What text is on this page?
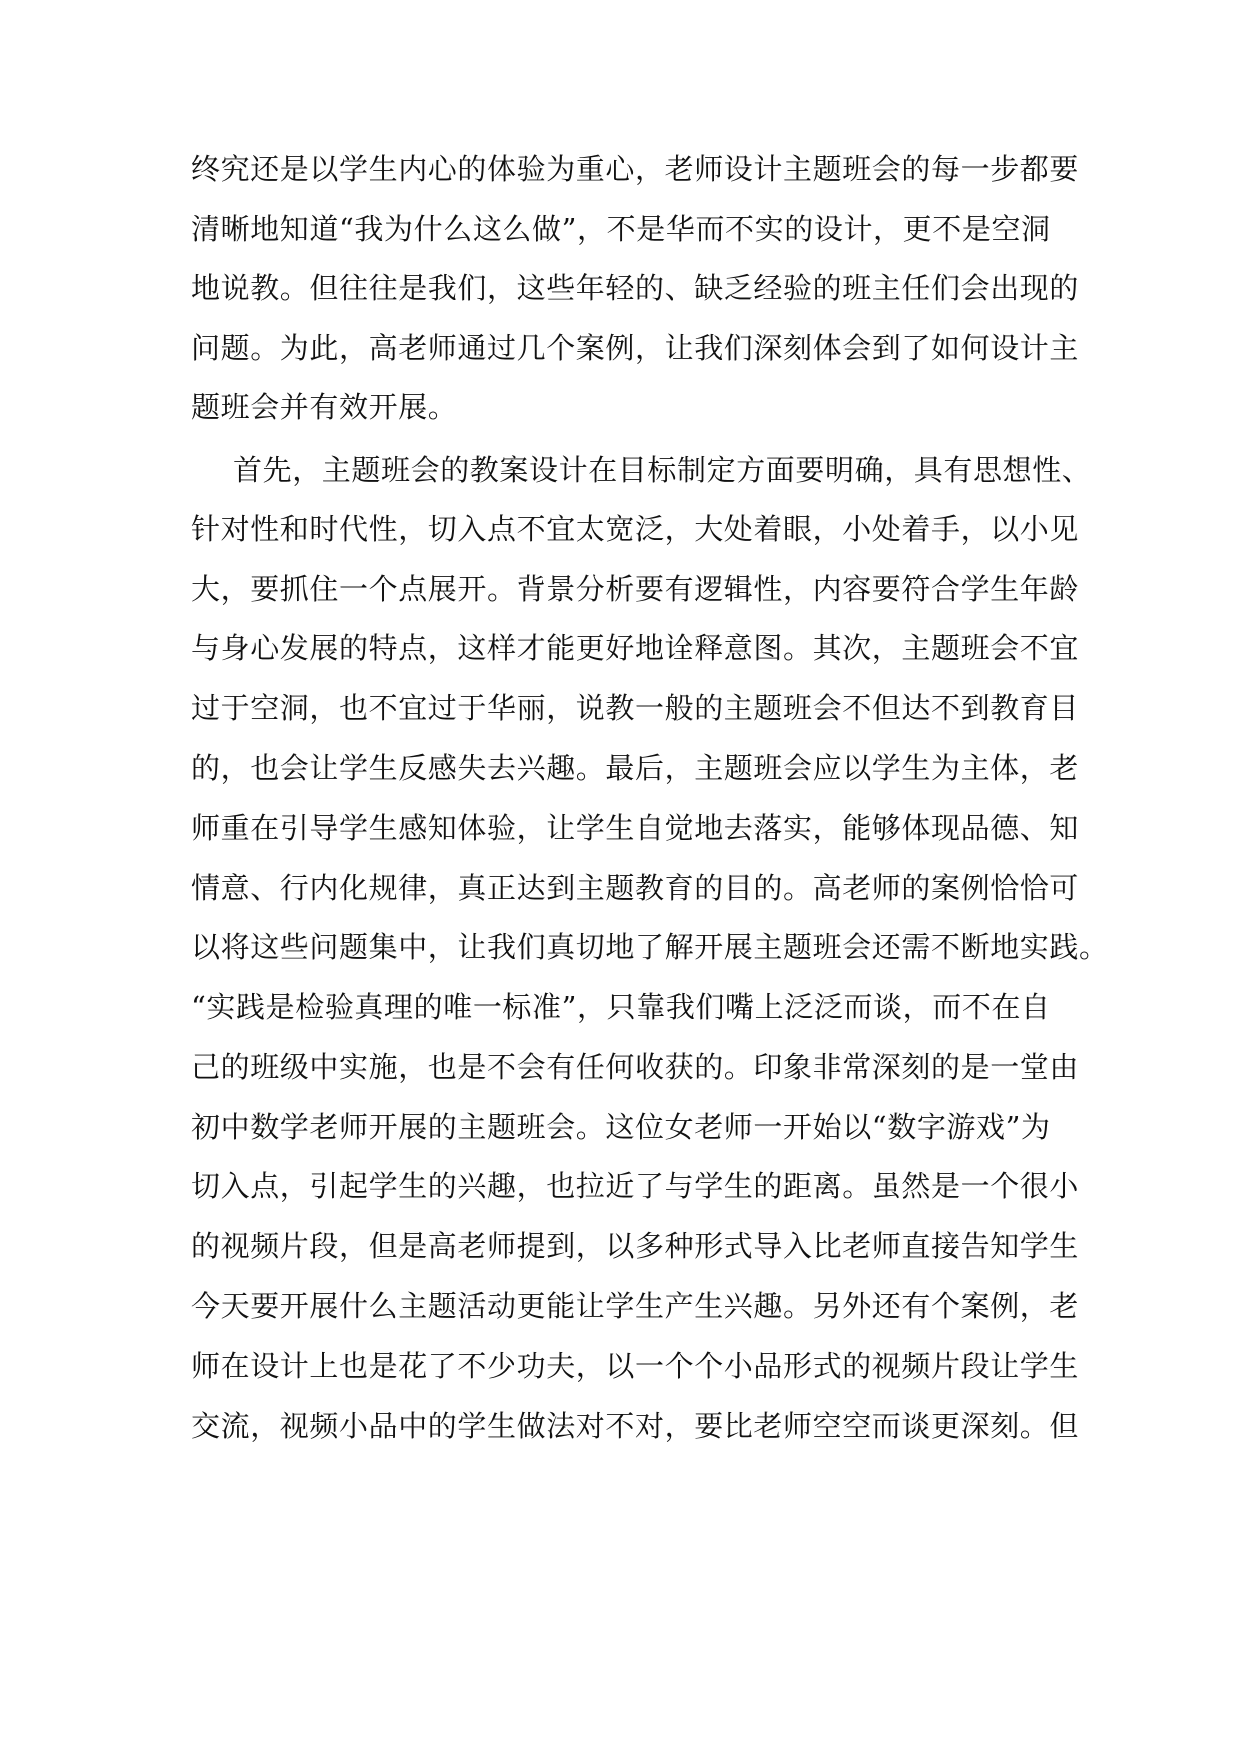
终究还是以学生内心的体验为重心，老师设计主题班会的每一步都要
清晰地知道“我为什么这么做”，不是华而不实的设计，更不是空洞
地说教。但往往是我们，这些年轻的、缺乏经验的班主任们会出现的
问题。为此，高老师通过几个案例，让我们深刻体会到了如何设计主
题班会并有效开展。
首先，主题班会的教案设计在目标制定方面要明确，具有思想性、
针对性和时代性，切入点不宜太宽泛，大处着眼，小处着手，以小见
大，要抓住一个点展开。背景分析要有逻辑性，内容要符合学生年龄
与身心发展的特点，这样才能更好地诠释意图。其次，主题班会不宜
过于空洞，也不宜过于华丽，说教一般的主题班会不但达不到教育目
的，也会让学生反感失去兴趣。最后，主题班会应以学生为主体，老
师重在引导学生感知体验，让学生自觉地去落实，能够体现品德、知
情意、行内化规律，真正达到主题教育的目的。高老师的案例恰恰可
以将这些问题集中，让我们真切地了解开展主题班会还需不断地实践。
“实践是检验真理的唯一标准”，只靠我们嘴上泛泛而谈，而不在自
己的班级中实施，也是不会有任何收获的。印象非常深刻的是一堂由
初中数学老师开展的主题班会。这位女老师一开始以“数字游戏”为
切入点，引起学生的兴趣，也拉近了与学生的距离。虽然是一个很小
的视频片段，但是高老师提到，以多种形式导入比老师直接告知学生
今天要开展什么主题活动更能让学生产生兴趣。另外还有个案例，老
师在设计上也是花了不少功夫，以一个个小品形式的视频片段让学生
交流，视频小品中的学生做法对不对，要比老师空空而谈更深刻。但
